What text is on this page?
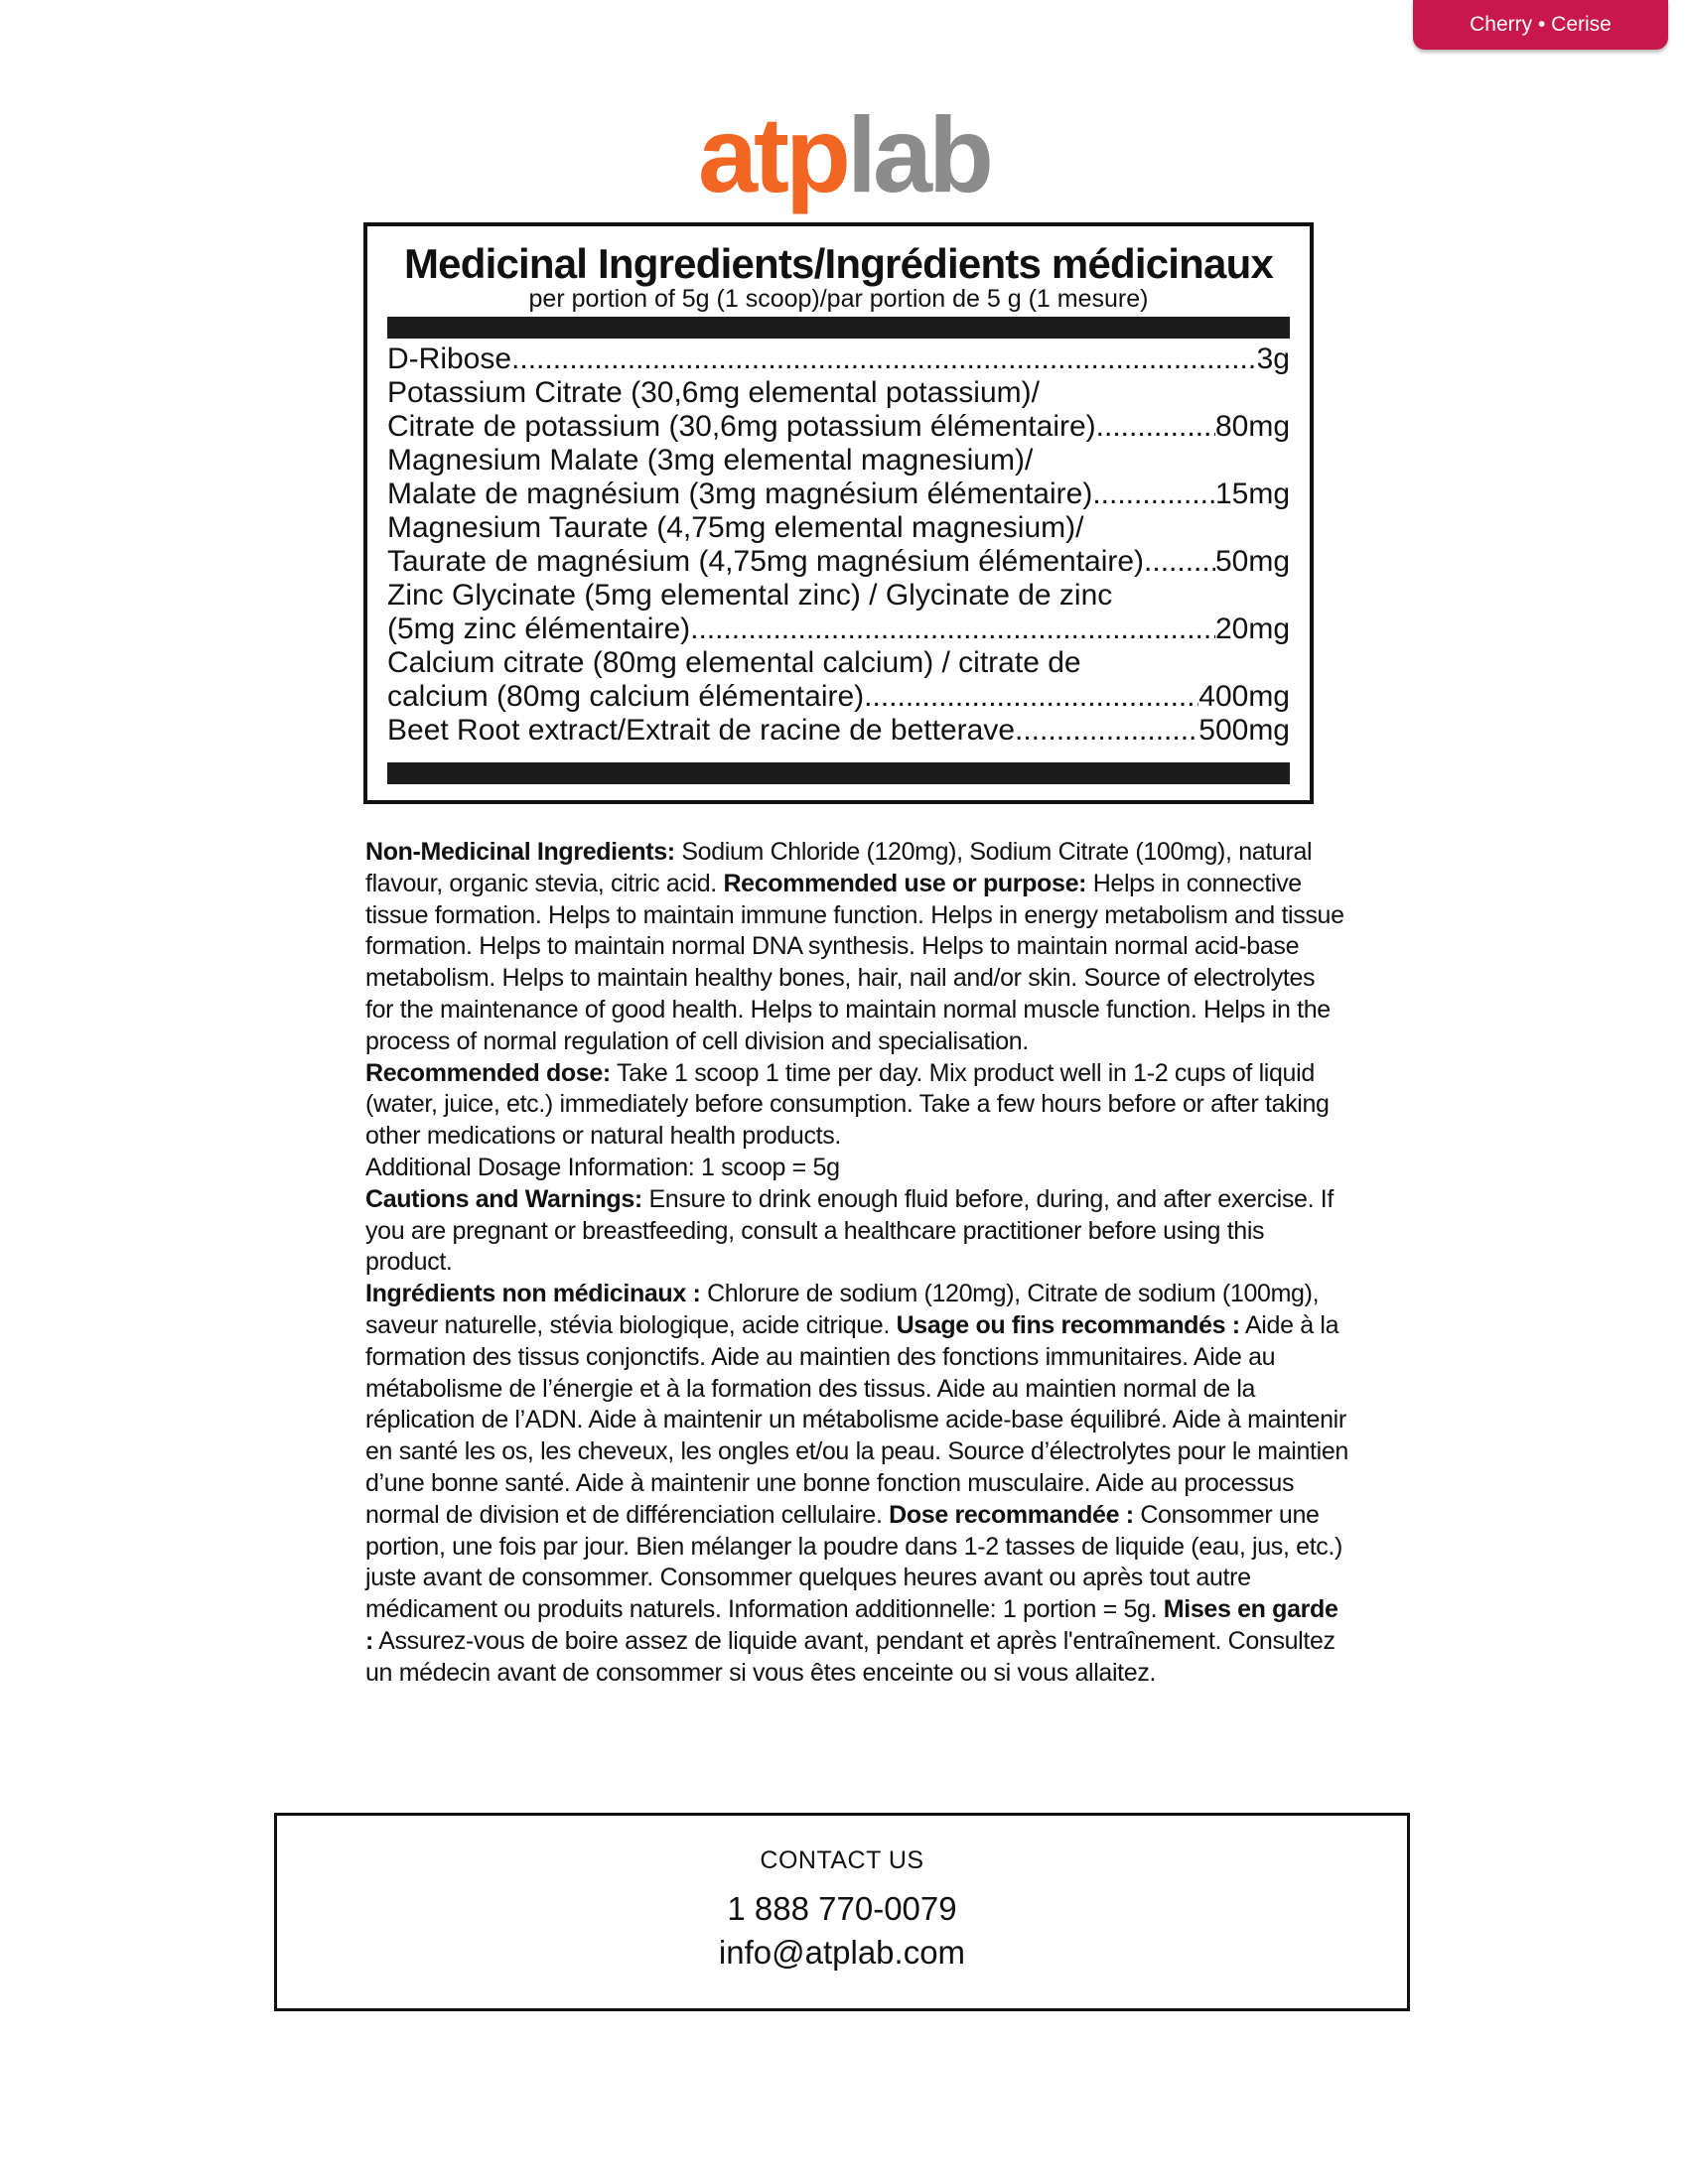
Cherry • Cerise
atplab
Medicinal Ingredients/Ingrédients médicinaux
per portion of 5g (1 scoop)/par portion de 5 g (1 mesure)
D-Ribose .....	3g
Potassium Citrate (30,6mg elemental potassium)/
Citrate de potassium (30,6mg potassium élémentaire) .....	80mg
Magnesium Malate (3mg elemental magnesium)/
Malate de magnésium (3mg magnésium élémentaire) .....	15mg
Magnesium Taurate (4,75mg elemental magnesium)/
Taurate de magnésium (4,75mg magnésium élémentaire) ..... 50mg
Zinc Glycinate (5mg elemental zinc) / Glycinate de zinc
(5mg zinc élémentaire) .....	20mg
Calcium citrate (80mg elemental calcium) / citrate de
calcium (80mg calcium élémentaire) .....	400mg
Beet Root extract/Extrait de racine de betterave .....	500mg
Non-Medicinal Ingredients: Sodium Chloride (120mg), Sodium Citrate (100mg), natural flavour, organic stevia, citric acid. Recommended use or purpose: Helps in connective tissue formation. Helps to maintain immune function. Helps in energy metabolism and tissue formation. Helps to maintain normal DNA synthesis. Helps to maintain normal acid-base metabolism. Helps to maintain healthy bones, hair, nail and/or skin. Source of electrolytes for the maintenance of good health. Helps to maintain normal muscle function. Helps in the process of normal regulation of cell division and specialisation.
Recommended dose: Take 1 scoop 1 time per day. Mix product well in 1-2 cups of liquid (water, juice, etc.) immediately before consumption. Take a few hours before or after taking other medications or natural health products.
Additional Dosage Information: 1 scoop = 5g
Cautions and Warnings: Ensure to drink enough fluid before, during, and after exercise. If you are pregnant or breastfeeding, consult a healthcare practitioner before using this product.
Ingrédients non médicinaux : Chlorure de sodium (120mg), Citrate de sodium (100mg), saveur naturelle, stévia biologique, acide citrique. Usage ou fins recommandés : Aide à la formation des tissus conjonctifs. Aide au maintien des fonctions immunitaires. Aide au métabolisme de l’énergie et à la formation des tissus. Aide au maintien normal de la réplication de l’ADN. Aide à maintenir un métabolisme acide-base équilibré. Aide à maintenir en santé les os, les cheveux, les ongles et/ou la peau. Source d’électrolytes pour le maintien d’une bonne santé. Aide à maintenir une bonne fonction musculaire. Aide au processus normal de division et de différenciation cellulaire. Dose recommandée : Consommer une portion, une fois par jour. Bien mélanger la poudre dans 1-2 tasses de liquide (eau, jus, etc.) juste avant de consommer. Consommer quelques heures avant ou après tout autre médicament ou produits naturels. Information additionnelle: 1 portion = 5g. Mises en garde : Assurez-vous de boire assez de liquide avant, pendant et après l'entraînement. Consultez un médecin avant de consommer si vous êtes enceinte ou si vous allaitez.
CONTACT US
1 888 770-0079
info@atplab.com
